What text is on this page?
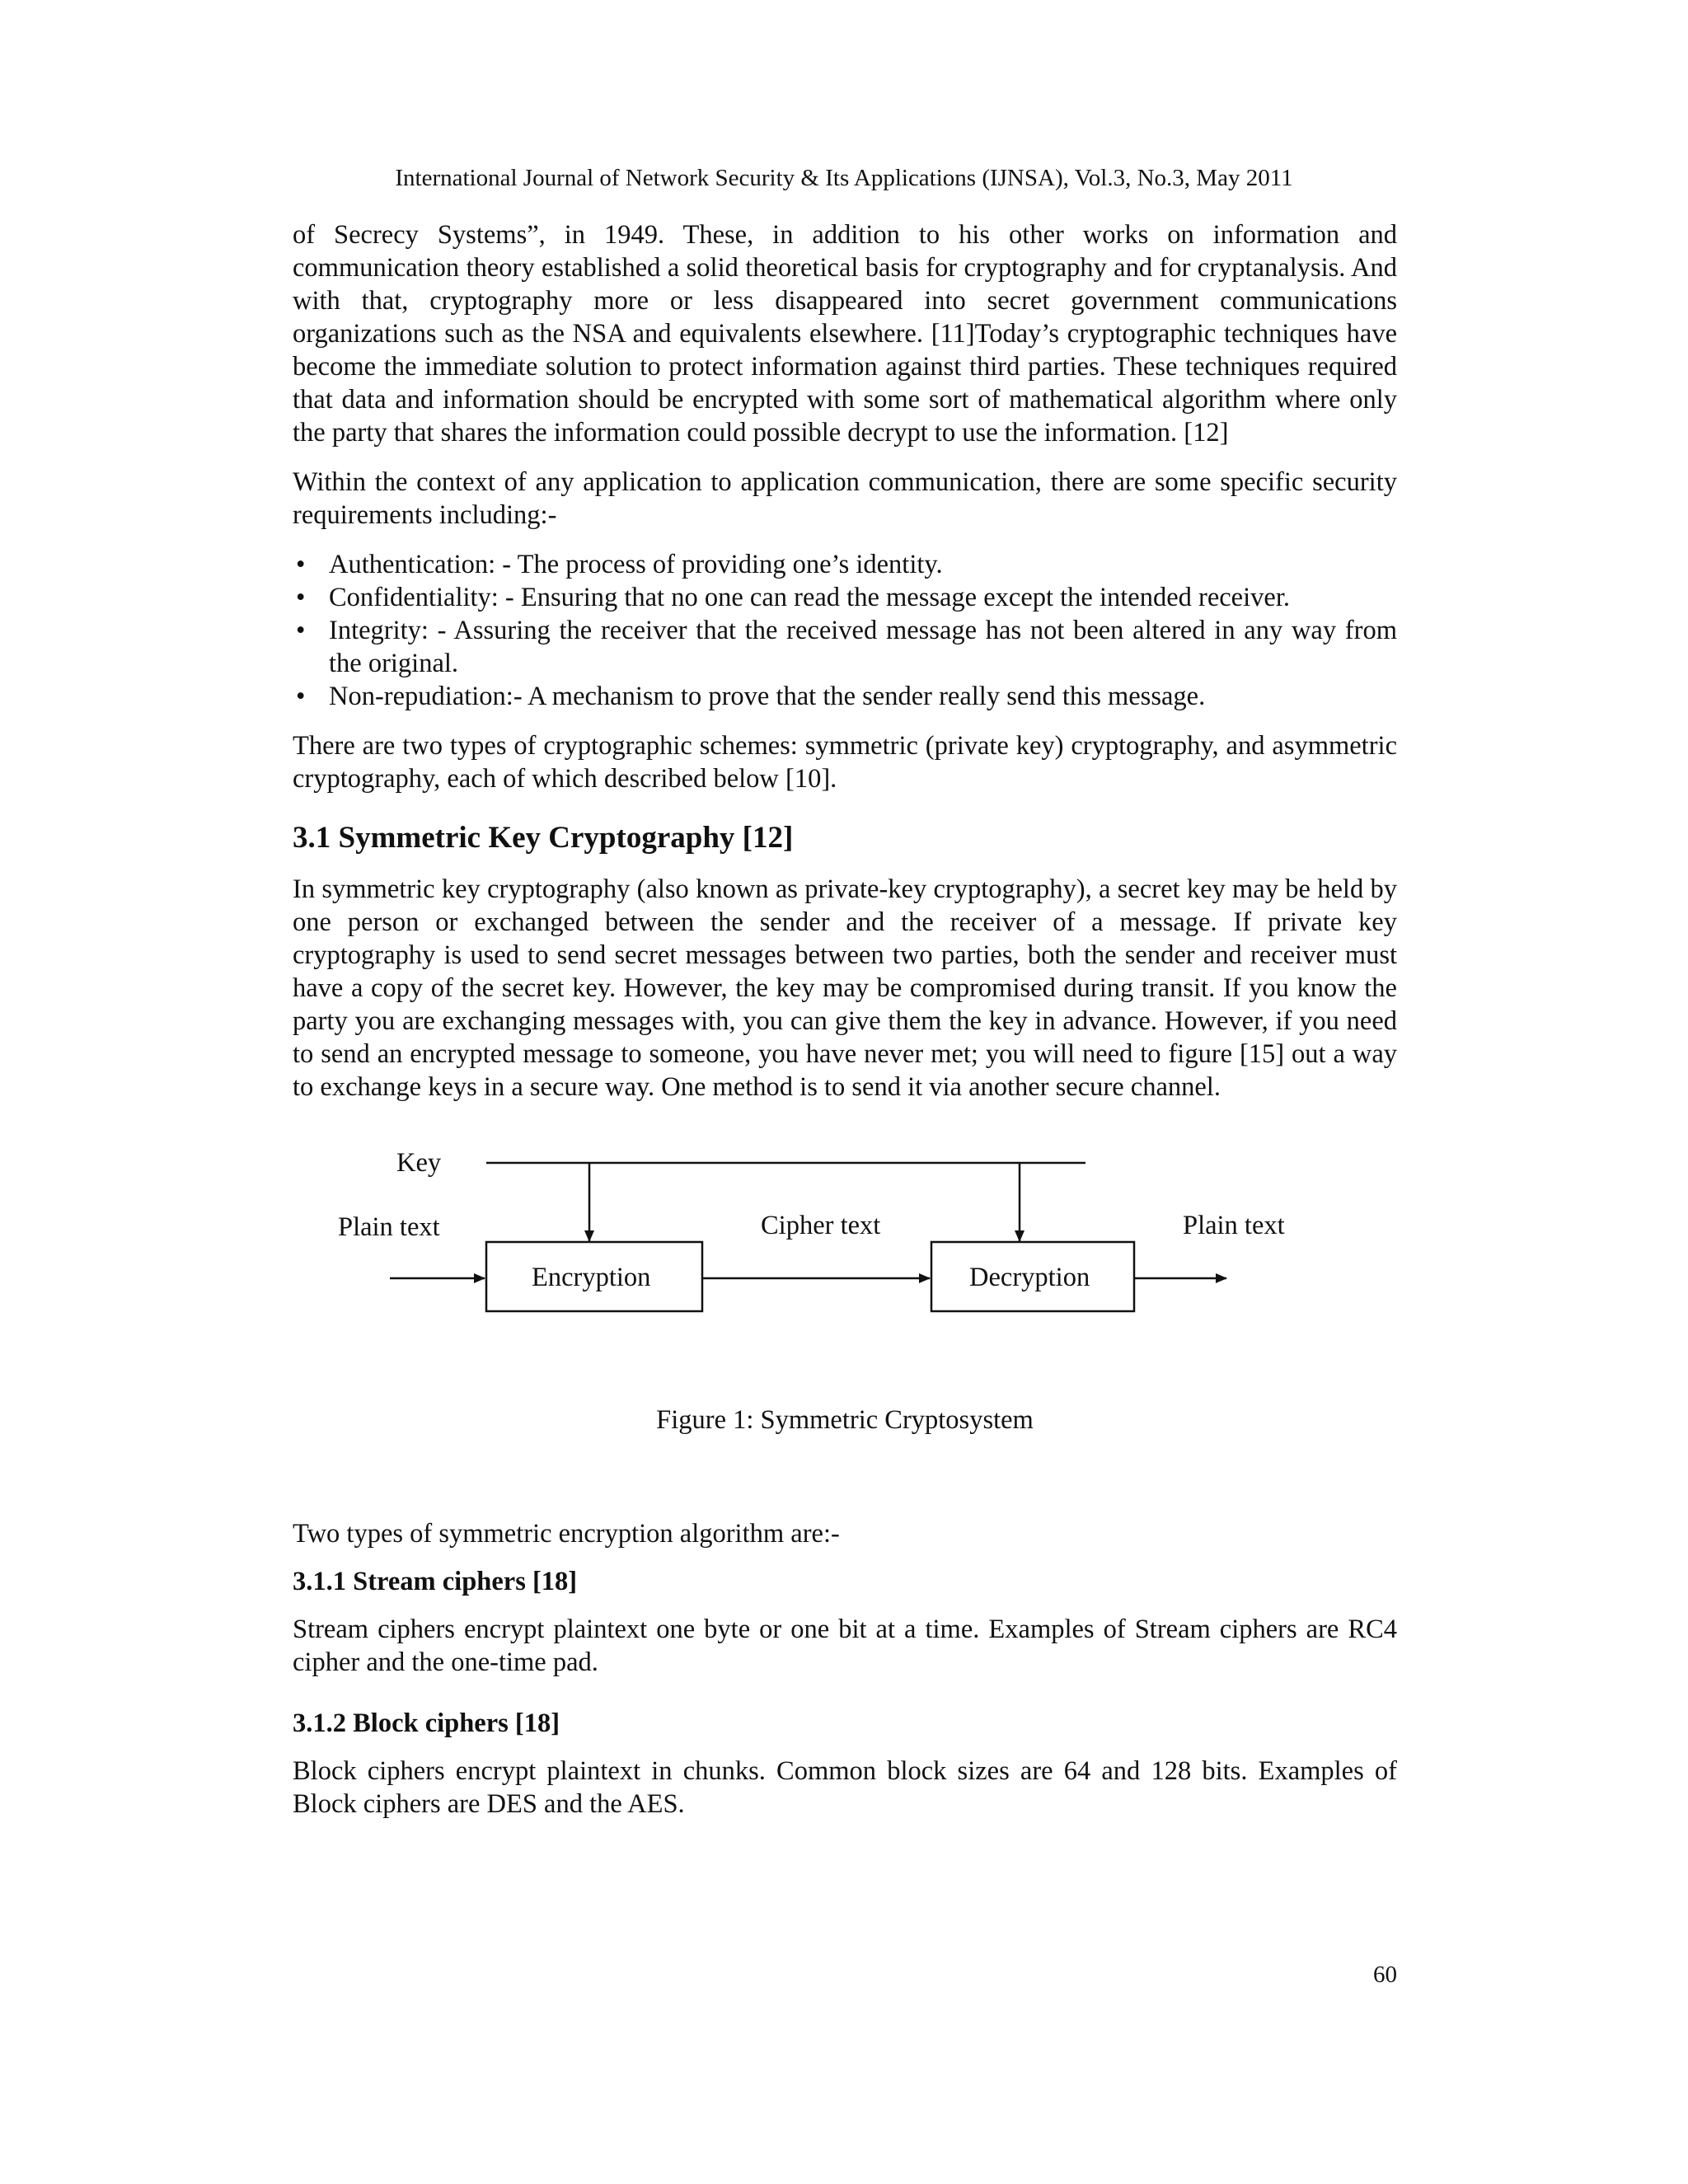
International Journal of Network Security & Its Applications (IJNSA), Vol.3, No.3, May 2011

of Secrecy Systems”, in 1949. These, in addition to his other works on information and communication theory established a solid theoretical basis for cryptography and for cryptanalysis. And with that, cryptography more or less disappeared into secret government communications organizations such as the NSA and equivalents elsewhere. [11]Today’s cryptographic techniques have become the immediate solution to protect information against third parties. These techniques required that data and information should be encrypted with some sort of mathematical algorithm where only the party that shares the information could possible decrypt to use the information. [12]

Within the context of any application to application communication, there are some specific security requirements including:-

• Authentication: - The process of providing one’s identity.
• Confidentiality: - Ensuring that no one can read the message except the intended receiver.
• Integrity: - Assuring the receiver that the received message has not been altered in any way from the original.
• Non-repudiation:- A mechanism to prove that the sender really send this message.

There are two types of cryptographic schemes: symmetric (private key) cryptography, and asymmetric cryptography, each of which described below [10].

3.1 Symmetric Key Cryptography [12]

In symmetric key cryptography (also known as private-key cryptography), a secret key may be held by one person or exchanged between the sender and the receiver of a message. If private key cryptography is used to send secret messages between two parties, both the sender and receiver must have a copy of the secret key. However, the key may be compromised during transit. If you know the party you are exchanging messages with, you can give them the key in advance. However, if you need to send an encrypted message to someone, you have never met; you will need to figure [15] out a way to exchange keys in a secure way. One method is to send it via another secure channel.

Key
Plain text	Cipher text	Plain text
Encryption	Decryption

Figure 1: Symmetric Cryptosystem

Two types of symmetric encryption algorithm are:-

3.1.1 Stream ciphers [18]

Stream ciphers encrypt plaintext one byte or one bit at a time. Examples of Stream ciphers are RC4 cipher and the one-time pad.

3.1.2 Block ciphers [18]

Block ciphers encrypt plaintext in chunks. Common block sizes are 64 and 128 bits. Examples of Block ciphers are DES and the AES.

60
